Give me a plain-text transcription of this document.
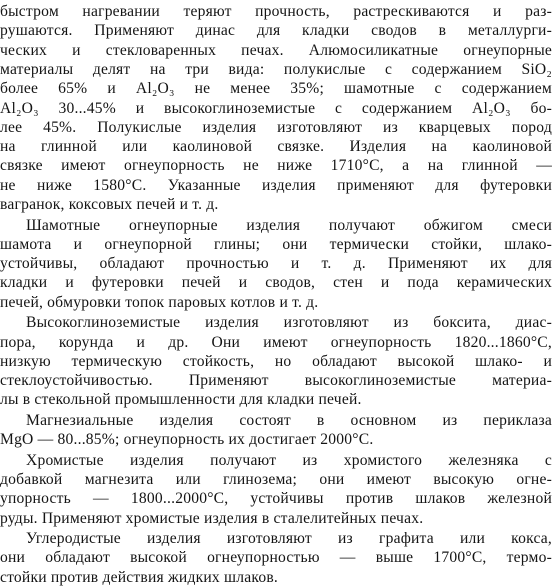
быстром нагревании теряют прочность, растрескиваются и раз-
рушаются. Применяют динас для кладки сводов в металлурги-
ческих и стекловаренных печах. Алюмосиликатные огнеупорные
материалы делят на три вида: полукислые с содержанием SiO₂
более 65% и Al₂O₃ не менее 35%; шамотные с содержанием
Al₂O₃ 30...45% и высокоглиноземистые с содержанием Al₂O₃ бо-
лее 45%. Полукислые изделия изготовляют из кварцевых пород
на глинной или каолиновой связке. Изделия на каолиновой
связке имеют огнеупорность не ниже 1710°С, а на глинной —
не ниже 1580°С. Указанные изделия применяют для футеровки
вагранок, коксовых печей и т. д.
Шамотные огнеупорные изделия получают обжигом смеси
шамота и огнеупорной глины; они термически стойки, шлако-
устойчивы, обладают прочностью и т. д. Применяют их для
кладки и футеровки печей и сводов, стен и пода керамических
печей, обмуровки топок паровых котлов и т. д.
Высокоглиноземистые изделия изготовляют из боксита, диас-
пора, корунда и др. Они имеют огнеупорность 1820...1860°С,
низкую термическую стойкость, но обладают высокой шлако- и
стеклоустойчивостью. Применяют высокоглиноземистые материа-
лы в стекольной промышленности для кладки печей.
Магнезиальные изделия состоят в основном из периклаза
MgO — 80...85%; огнеупорность их достигает 2000°С.
Хромистые изделия получают из хромистого железняка с
добавкой магнезита или глинозема; они имеют высокую огне-
упорность — 1800...2000°С, устойчивы против шлаков железной
руды. Применяют хромистые изделия в сталелитейных печах.
Углеродистые изделия изготовляют из графита или кокса,
они обладают высокой огнеупорностью — выше 1700°С, термо-
стойки против действия жидких шлаков.
